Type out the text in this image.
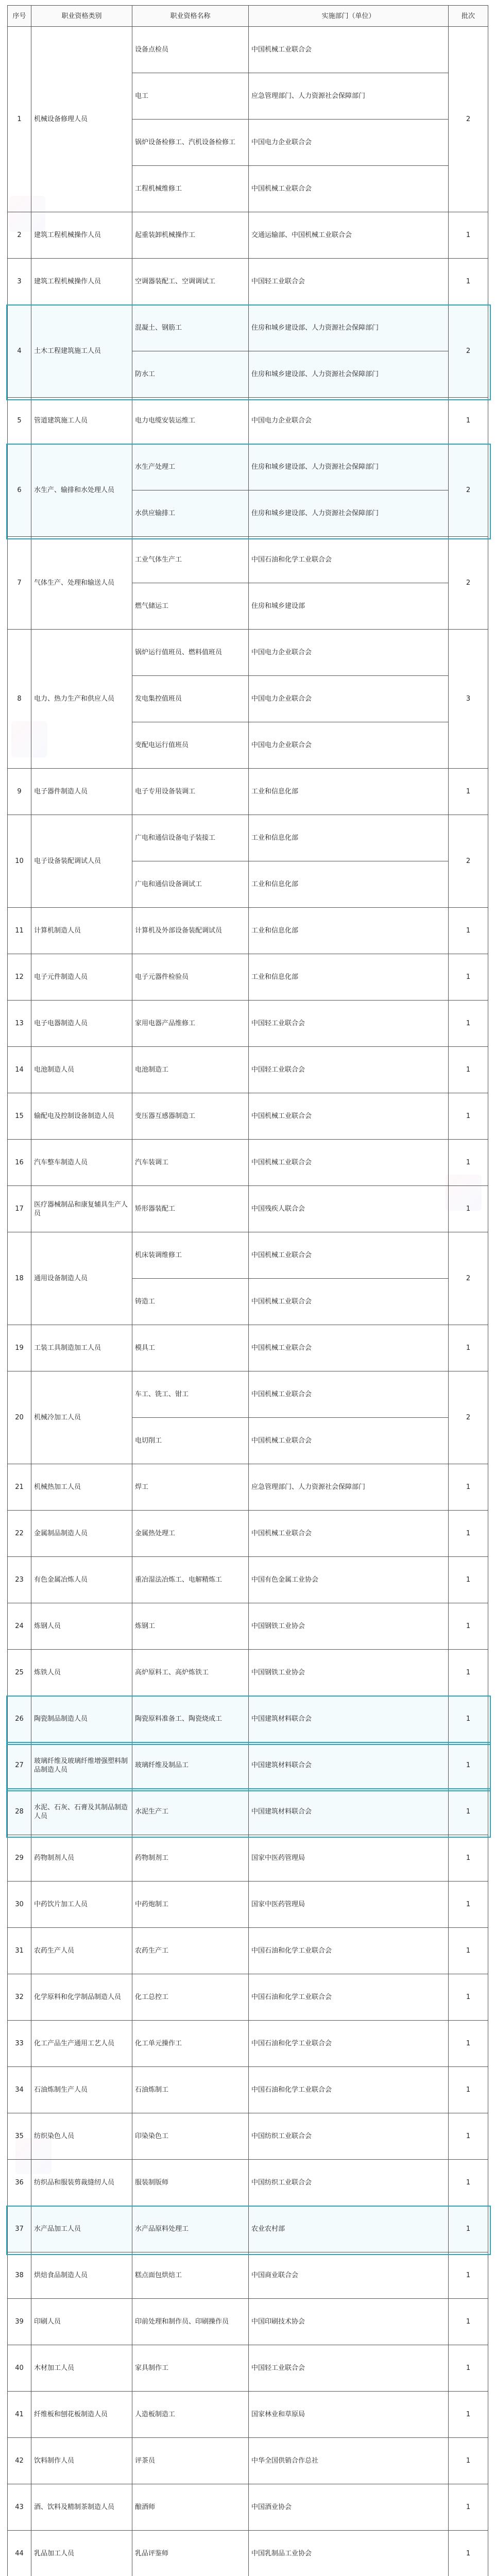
序号	职业资格类别	职业资格名称	实施部门（单位）	批次
1	机械设备修理人员	设备点检员	中国机械工业联合会	2
		电工	应急管理部门、人力资源社会保障部门	
		锅炉设备检修工、汽机设备检修工	中国电力企业联合会	
		工程机械维修工	中国机械工业联合会	
2	建筑工程机械操作人员	起重装卸机械操作工	交通运输部、中国机械工业联合会	1
3	建筑工程机械操作人员	空调器装配工、空调调试工	中国轻工业联合会	1
4	土木工程建筑施工人员	混凝土、钢筋工	住房和城乡建设部、人力资源社会保障部门	2
		防水工	住房和城乡建设部、人力资源社会保障部门	
5	管道建筑施工人员	电力电缆安装运维工	中国电力企业联合会	1
6	水生产、输排和水处理人员	水生产处理工	住房和城乡建设部、人力资源社会保障部门	2
		水供应输排工	住房和城乡建设部、人力资源社会保障部门	
7	气体生产、处理和输送人员	工业气体生产工	中国石油和化学工业联合会	2
		燃气储运工	住房和城乡建设部	
8	电力、热力生产和供应人员	锅炉运行值班员、燃料值班员	中国电力企业联合会	3
		发电集控值班员	中国电力企业联合会	
		变配电运行值班员	中国电力企业联合会	
9	电子器件制造人员	电子专用设备装调工	工业和信息化部	1
10	电子设备装配调试人员	广电和通信设备电子装接工	工业和信息化部	2
		广电和通信设备调试工	工业和信息化部	
11	计算机制造人员	计算机及外部设备装配调试员	工业和信息化部	1
12	电子元件制造人员	电子元器件检验员	工业和信息化部	1
13	电子电器制造人员	家用电器产品维修工	中国轻工业联合会	1
14	电池制造人员	电池制造工	中国轻工业联合会	1
15	输配电及控制设备制造人员	变压器互感器制造工	中国机械工业联合会	1
16	汽车整车制造人员	汽车装调工	中国机械工业联合会	1
17	医疗器械制品和康复辅具生产人员	矫形器装配工	中国残疾人联合会	1
18	通用设备制造人员	机床装调维修工	中国机械工业联合会	2
		铸造工	中国机械工业联合会	
19	工装工具制造加工人员	模具工	中国机械工业联合会	1
20	机械冷加工人员	车工、铣工、钳工	中国机械工业联合会	2
		电切削工	中国机械工业联合会	
21	机械热加工人员	焊工	应急管理部门、人力资源社会保障部门	1
22	金属制品制造人员	金属热处理工	中国机械工业联合会	1
23	有色金属冶炼人员	重冶湿法冶炼工、电解精炼工	中国有色金属工业协会	1
24	炼钢人员	炼钢工	中国钢铁工业协会	1
25	炼铁人员	高炉原料工、高炉炼铁工	中国钢铁工业协会	1
26	陶瓷制品制造人员	陶瓷原料准备工、陶瓷烧成工	中国建筑材料联合会	1
27	玻璃纤维及玻璃纤维增强塑料制品制造人员	玻璃纤维及制品工	中国建筑材料联合会	1
28	水泥、石灰、石膏及其制品制造人员	水泥生产工	中国建筑材料联合会	1
29	药物制剂人员	药物制剂工	国家中医药管理局	1
30	中药饮片加工人员	中药炮制工	国家中医药管理局	1
31	农药生产人员	农药生产工	中国石油和化学工业联合会	1
32	化学原料和化学制品制造人员	化工总控工	中国石油和化学工业联合会	1
33	化工产品生产通用工艺人员	化工单元操作工	中国石油和化学工业联合会	1
34	石油炼制生产人员	石油炼制工	中国石油和化学工业联合会	1
35	纺织染色人员	印染染色工	中国纺织工业联合会	1
36	纺织品和服装剪裁缝纫人员	服装制版师	中国纺织工业联合会	1
37	水产品加工人员	水产品原料处理工	农业农村部	1
38	烘焙食品制造人员	糕点面包烘焙工	中国商业联合会	1
39	印刷人员	印前处理和制作员、印刷操作员	中国印刷技术协会	1
40	木材加工人员	家具制作工	中国轻工业联合会	1
41	纤维板和刨花板制造人员	人造板制造工	国家林业和草原局	1
42	饮料制作人员	评茶员	中华全国供销合作总社	1
43	酒、饮料及精制茶制造人员	酿酒师	中国酒业协会	1
44	乳品加工人员	乳品评鉴师	中国乳制品工业协会	1
